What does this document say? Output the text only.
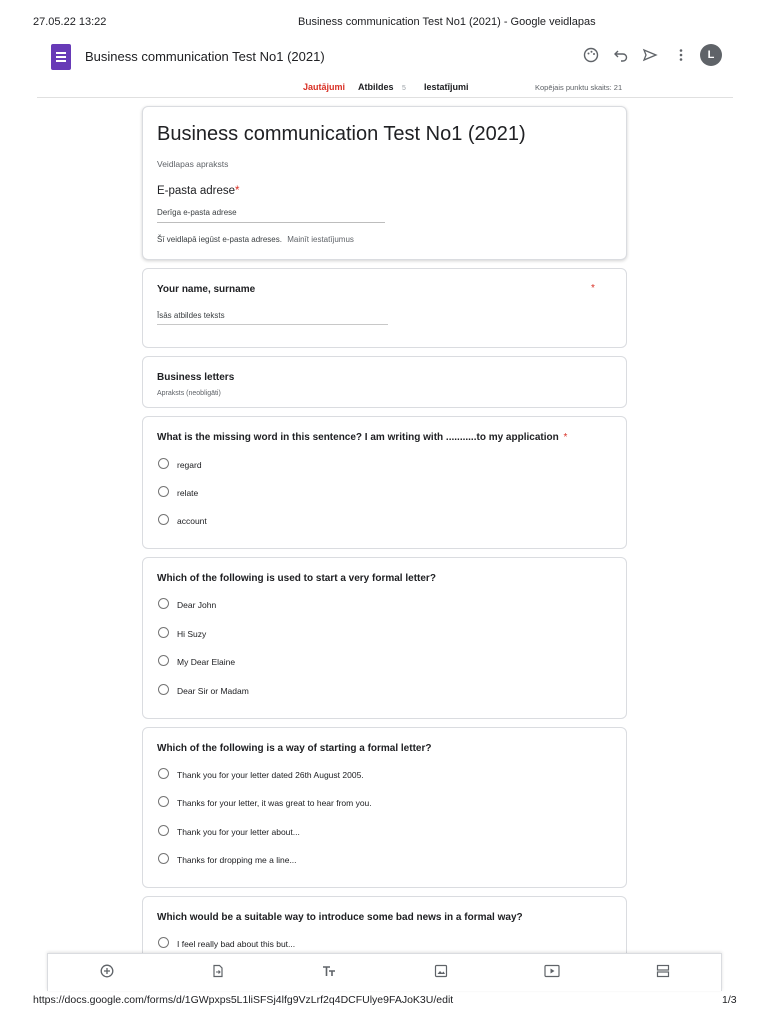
27.05.22 13:22	Business communication Test No1 (2021) - Google veidlapas
https://docs.google.com/forms/d/1GWpxps5L1liSFSj4lfg9VzLrf2q4DCFUlye9FAJoK3U/edit	1/3
Business communication Test No1 (2021)	L
Jautājumi Atbildes 5 Iestatījumi	Kopējais punktu skaits: 21
Business communication Test No1 (2021)
Veidlapas apraksts
E-pasta adrese*
Derīga e-pasta adrese
Šī veidlapā iegūst e-pasta adreses. Mainīt iestatījumus
Your name, surname	*
Īsās atbildes teksts
Business letters
Apraksts (neobligāti)
What is the missing word in this sentence? I am writing with ...........to my application *
regard
relate
account
Which of the following is used to start a very formal letter?
Dear John
Hi Suzy
My Dear Elaine
Dear Sir or Madam
Which of the following is a way of starting a formal letter?
Thank you for your letter dated 26th August 2005.
Thanks for your letter, it was great to hear from you.
Thank you for your letter about...
Thanks for dropping me a line...
Which would be a suitable way to introduce some bad news in a formal way?
I feel really bad about this but...
